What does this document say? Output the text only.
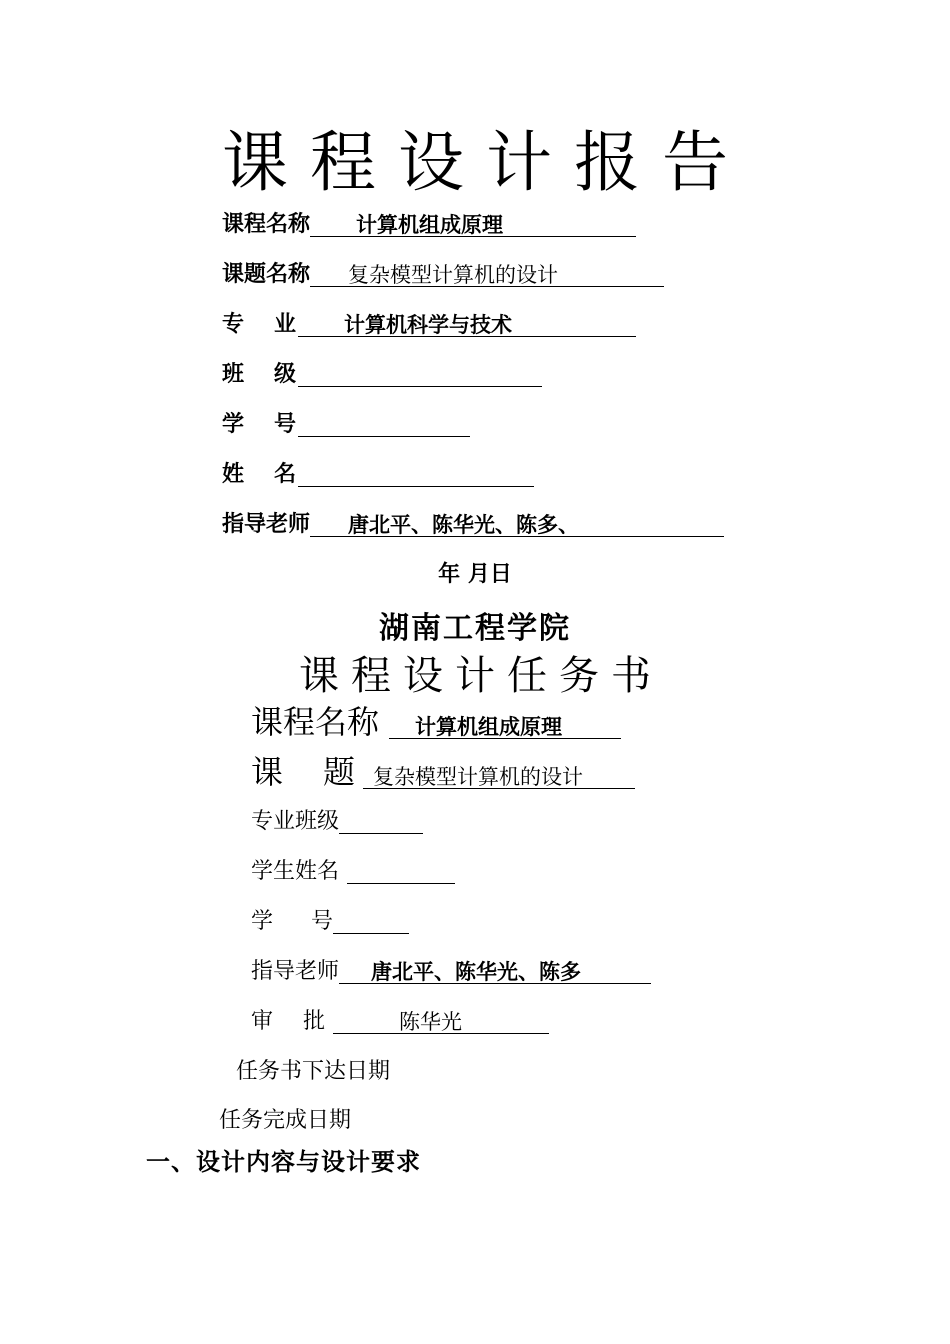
课程设计报告
课程名称 计算机组成原理
课题名称 复杂模型计算机的设计
专 业 计算机科学与技术
班 级
学 号
姓 名
指导老师 唐北平、陈华光、陈多、
年 月日
湖南工程学院
课程设计任务书
课程名称 计算机组成原理
课 题 复杂模型计算机的设计
专业班级
学生姓名
学 号
指导老师 唐北平、陈华光、陈多
审 批	陈华光
任务书下达日期
任务完成日期
一、设计内容与设计要求
